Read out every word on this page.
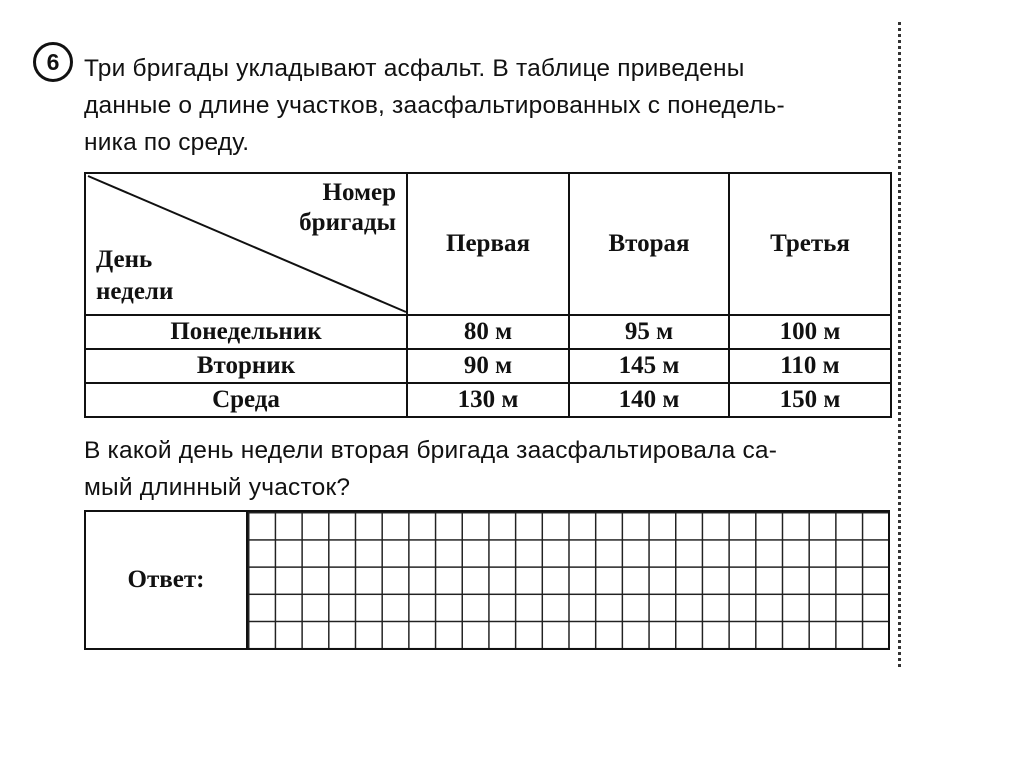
6 Три бригады укладывают асфальт. В таблице приведены
данные о длине участков, заасфальтированных с понедель-
ника по среду.
Номер
бригады
День
недели	Первая	Вторая	Третья
Понедельник	80 м	95 м	100 м
Вторник	90 м	145 м	110 м
Среда	130 м	140 м	150 м
В какой день недели вторая бригада заасфальтировала са-
мый длинный участок?
Ответ:
